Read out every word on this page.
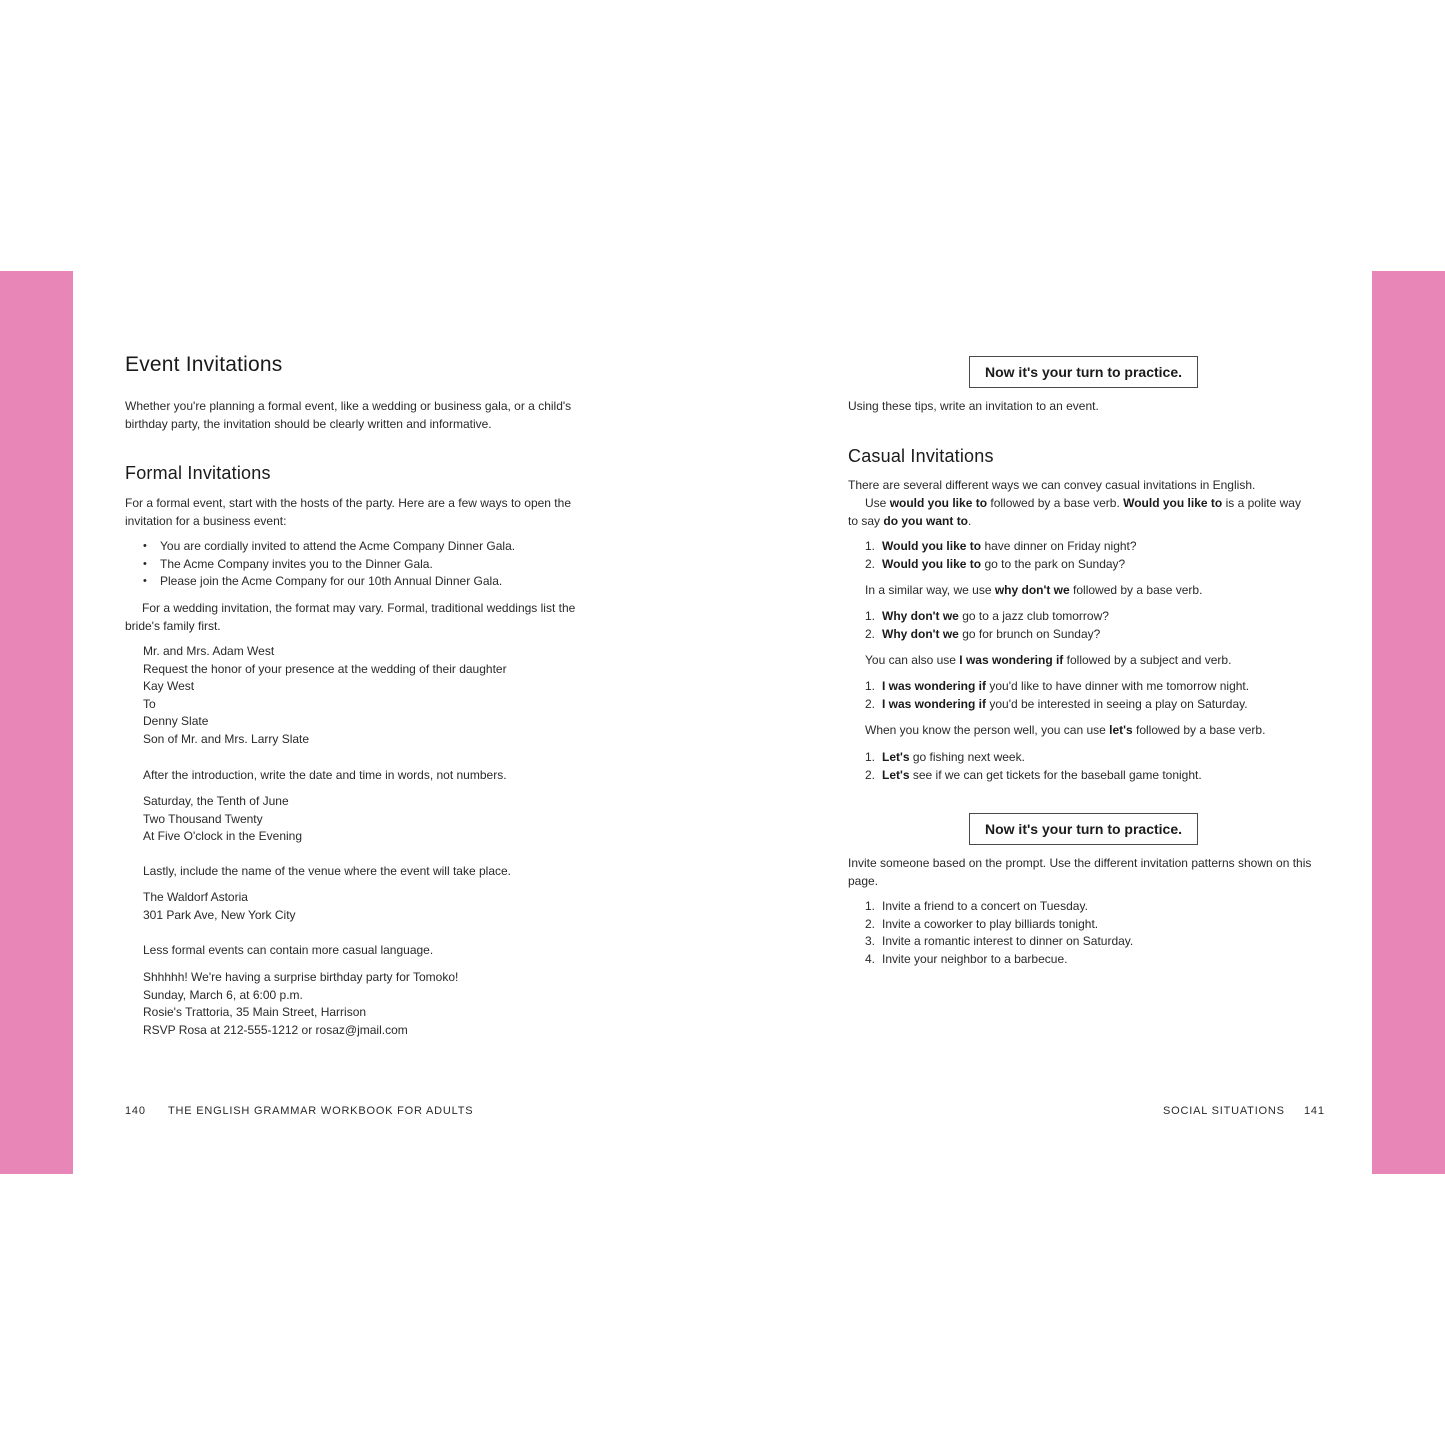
Event Invitations

Whether you're planning a formal event, like a wedding or business gala, or a child's birthday party, the invitation should be clearly written and informative.

Formal Invitations

For a formal event, start with the hosts of the party. Here are a few ways to open the invitation for a business event:

• You are cordially invited to attend the Acme Company Dinner Gala.
• The Acme Company invites you to the Dinner Gala.
• Please join the Acme Company for our 10th Annual Dinner Gala.

For a wedding invitation, the format may vary. Formal, traditional weddings list the bride's family first.

Mr. and Mrs. Adam West
Request the honor of your presence at the wedding of their daughter
Kay West
To
Denny Slate
Son of Mr. and Mrs. Larry Slate

After the introduction, write the date and time in words, not numbers.

Saturday, the Tenth of June
Two Thousand Twenty
At Five O'clock in the Evening

Lastly, include the name of the venue where the event will take place.

The Waldorf Astoria
301 Park Ave, New York City

Less formal events can contain more casual language.

Shhhhh! We're having a surprise birthday party for Tomoko!
Sunday, March 6, at 6:00 p.m.
Rosie's Trattoria, 35 Main Street, Harrison
RSVP Rosa at 212-555-1212 or rosaz@jmail.com
140 THE ENGLISH GRAMMAR WORKBOOK FOR ADULTS
Now it's your turn to practice.

Using these tips, write an invitation to an event.

Casual Invitations

There are several different ways we can convey casual invitations in English.

Use would you like to followed by a base verb. Would you like to is a polite way
to say do you want to.
1. Would you like to have dinner on Friday night?
2. Would you like to go to the park on Sunday?

In a similar way, we use why don't we followed by a base verb.

1. Why don't we go to a jazz club tomorrow?
2. Why don't we go for brunch on Sunday?

You can also use I was wondering if followed by a subject and verb.

1. I was wondering if you'd like to have dinner with me tomorrow night.
2. I was wondering if you'd be interested in seeing a play on Saturday.

When you know the person well, you can use let's followed by a base verb.

1. Let's go fishing next week.
2. Let's see if we can get tickets for the baseball game tonight.
Now it's your turn to practice.

Invite someone based on the prompt. Use the different invitation patterns shown on this page.

1. Invite a friend to a concert on Tuesday.
2. Invite a coworker to play billiards tonight.
3. Invite a romantic interest to dinner on Saturday.
4. Invite your neighbor to a barbecue.
SOCIAL SITUATIONS 141
